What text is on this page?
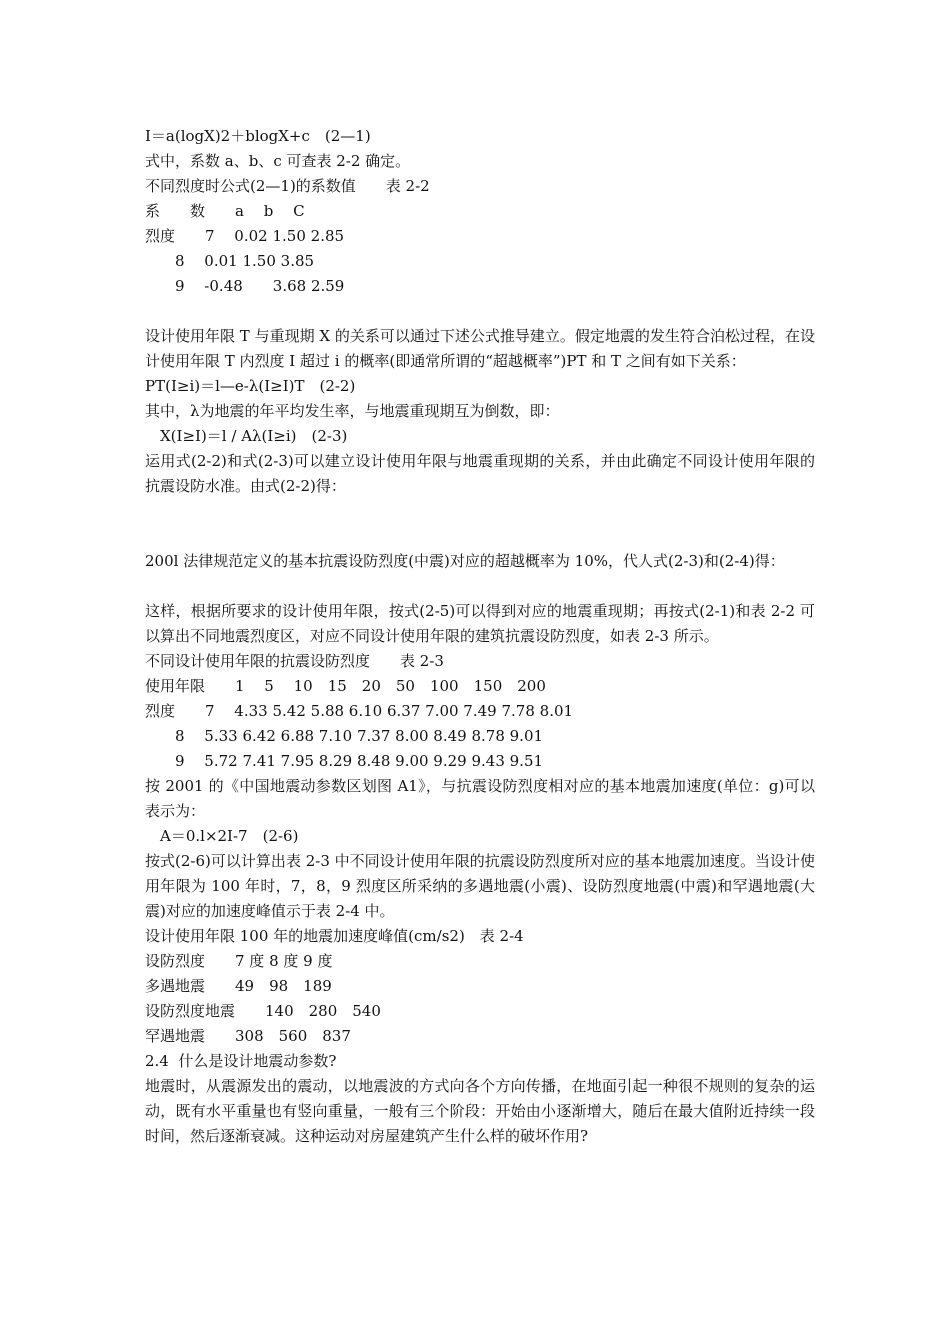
I＝a(logX)2＋blogX+c　(2—1)
式中，系数 a、b、c 可查表 2-2 确定。
不同烈度时公式(2—1)的系数值　　表 2-2
系　　数　　a　 b　 C
烈度　　7　 0.02 1.50 2.85
　　8　 0.01 1.50 3.85
　　9　 -0.48　　3.68 2.59
设计使用年限 T 与重现期 X 的关系可以通过下述公式推导建立。假定地震的发生符合泊松过程，在设计使用年限 T 内烈度 I 超过 i 的概率(即通常所谓的“超越概率”)PT 和 T 之间有如下关系：
PT(I≥i)＝l—e-λ(I≥I)T　(2-2)
其中，λ为地震的年平均发生率，与地震重现期互为倒数，即：
　X(I≥I)＝l / Aλ(I≥i)　(2-3)
运用式(2-2)和式(2-3)可以建立设计使用年限与地震重现期的关系，并由此确定不同设计使用年限的抗震设防水准。由式(2-2)得：
200l 法律规范定义的基本抗震设防烈度(中震)对应的超越概率为 10%，代人式(2-3)和(2-4)得：
这样，根据所要求的设计使用年限，按式(2-5)可以得到对应的地震重现期；再按式(2-1)和表 2-2 可以算出不同地震烈度区，对应不同设计使用年限的建筑抗震设防烈度，如表 2-3 所示。
不同设计使用年限的抗震设防烈度　　表 2-3
使用年限　　1　 5　 10　15　20　50　100　150　200
烈度　　7　 4.33 5.42 5.88 6.10 6.37 7.00 7.49 7.78 8.01
　　8　 5.33 6.42 6.88 7.10 7.37 8.00 8.49 8.78 9.01
　　9　 5.72 7.41 7.95 8.29 8.48 9.00 9.29 9.43 9.51
按 2001 的《中国地震动参数区划图 A1》，与抗震设防烈度相对应的基本地震加速度(单位：g)可以表示为：
　A＝0.l×2I-7　(2-6)
按式(2-6)可以计算出表 2-3 中不同设计使用年限的抗震设防烈度所对应的基本地震加速度。当设计使用年限为 100 年时，7，8，9 烈度区所采纳的多遇地震(小震)、设防烈度地震(中震)和罕遇地震(大震)对应的加速度峰值示于表 2-4 中。
设计使用年限 100 年的地震加速度峰值(cm/s2)　表 2-4
设防烈度　　7 度 8 度 9 度
多遇地震　　49　98　189
设防烈度地震　　140　280　540
罕遇地震　　308　560　837
2.4  什么是设计地震动参数?
地震时，从震源发出的震动，以地震波的方式向各个方向传播，在地面引起一种很不规则的复杂的运动，既有水平重量也有竖向重量，一般有三个阶段：开始由小逐渐增大，随后在最大值附近持续一段时间，然后逐渐衰减。这种运动对房屋建筑产生什么样的破坏作用?
